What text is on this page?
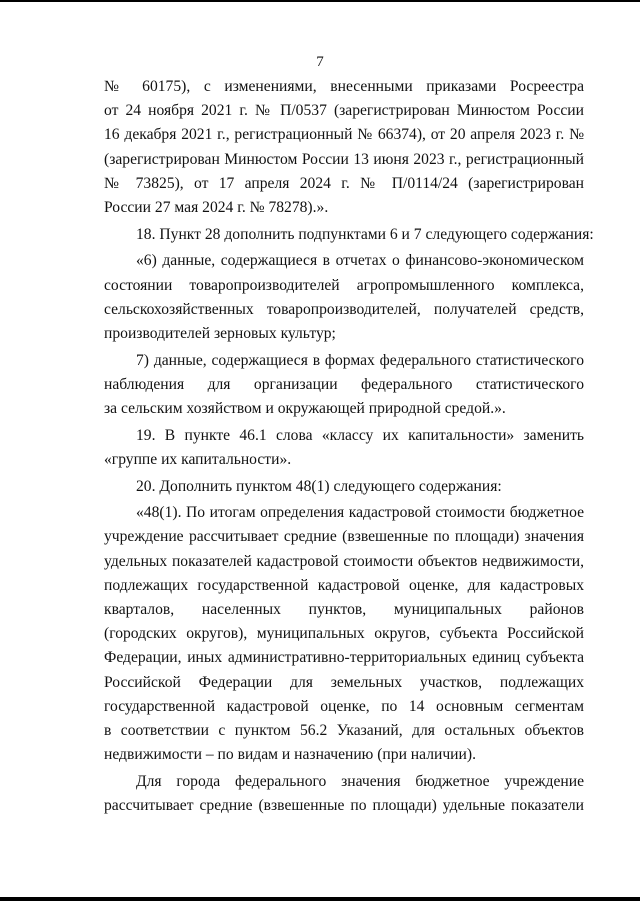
7
№ 60175), с изменениями, внесенными приказами Росреестра
от 24 ноября 2021 г. № П/0537 (зарегистрирован Минюстом России
16 декабря 2021 г., регистрационный № 66374), от 20 апреля 2023 г. №
(зарегистрирован Минюстом России 13 июня 2023 г., регистрационный
№ 73825), от 17 апреля 2024 г. № П/0114/24 (зарегистрирован
России 27 мая 2024 г. № 78278).».
18. Пункт 28 дополнить подпунктами 6 и 7 следующего содержания:
«6) данные, содержащиеся в отчетах о финансово-экономическом
состоянии товаропроизводителей агропромышленного комплекса,
сельскохозяйственных товаропроизводителей, получателей средств,
производителей зерновых культур;
7) данные, содержащиеся в формах федерального статистического
наблюдения для организации федерального статистического
за сельским хозяйством и окружающей природной средой.».
19. В пункте 46.1 слова «классу их капитальности» заменить
«группе их капитальности».
20. Дополнить пунктом 48(1) следующего содержания:
«48(1). По итогам определения кадастровой стоимости бюджетное
учреждение рассчитывает средние (взвешенные по площади) значения
удельных показателей кадастровой стоимости объектов недвижимости,
подлежащих государственной кадастровой оценке, для кадастровых
кварталов, населенных пунктов, муниципальных районов
(городских округов), муниципальных округов, субъекта Российской
Федерации, иных административно-территориальных единиц субъекта
Российской Федерации для земельных участков, подлежащих
государственной кадастровой оценке, по 14 основным сегментам
в соответствии с пунктом 56.2 Указаний, для остальных объектов
недвижимости – по видам и назначению (при наличии).
Для города федерального значения бюджетное учреждение
рассчитывает средние (взвешенные по площади) удельные показатели
